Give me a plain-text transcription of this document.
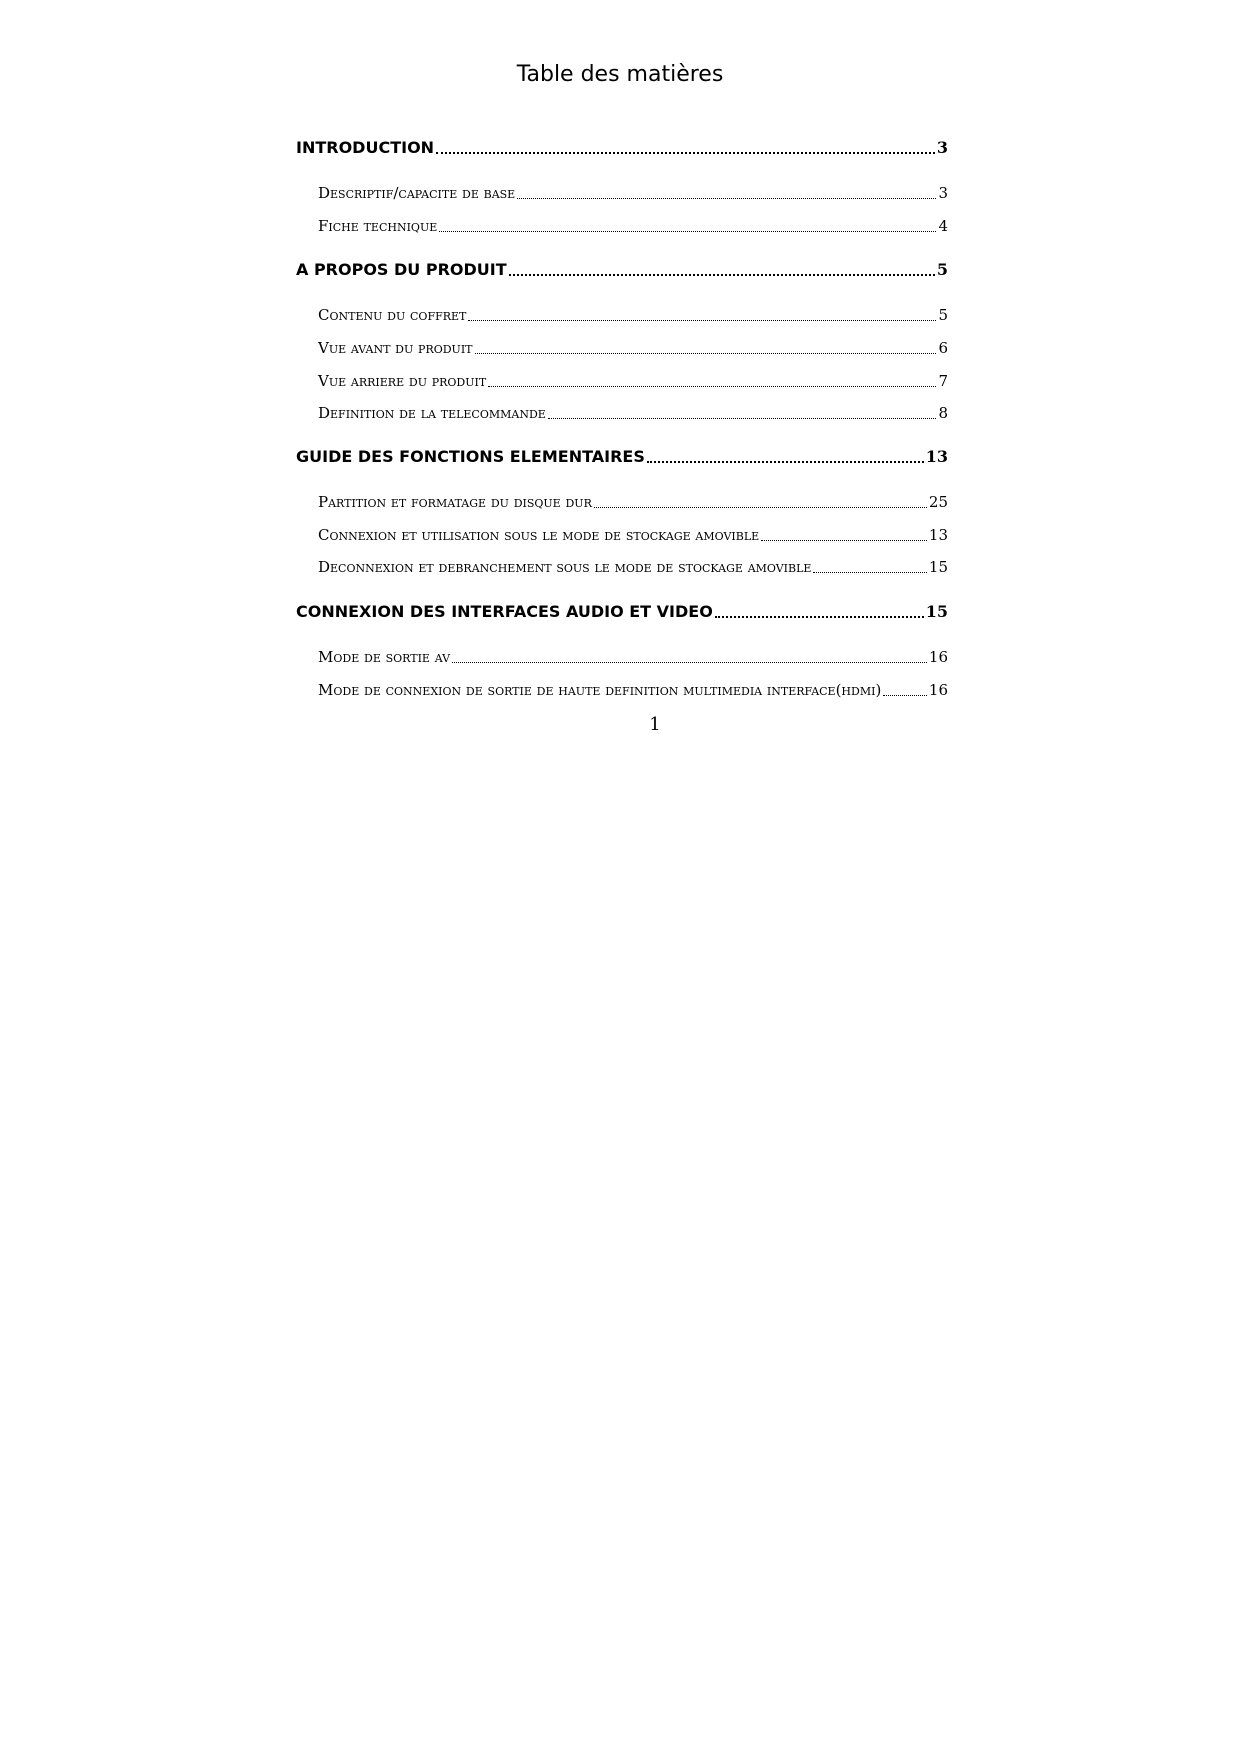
Table des matières
INTRODUCTION	3
Descriptif/capacite de base	3
Fiche technique	4
A PROPOS DU PRODUIT	5
Contenu du coffret	5
Vue avant du produit	6
Vue arriere du produit	7
Definition de la telecommande	8
GUIDE DES FONCTIONS ELEMENTAIRES	13
Partition et formatage du disque dur	25
Connexion et utilisation sous le mode de stockage amovible	13
Deconnexion et debranchement sous le mode de stockage amovible	15
CONNEXION DES INTERFACES AUDIO ET VIDEO	15
Mode de sortie av	16
Mode de connexion de sortie de haute definition multimedia interface(hdmi)	16
1
